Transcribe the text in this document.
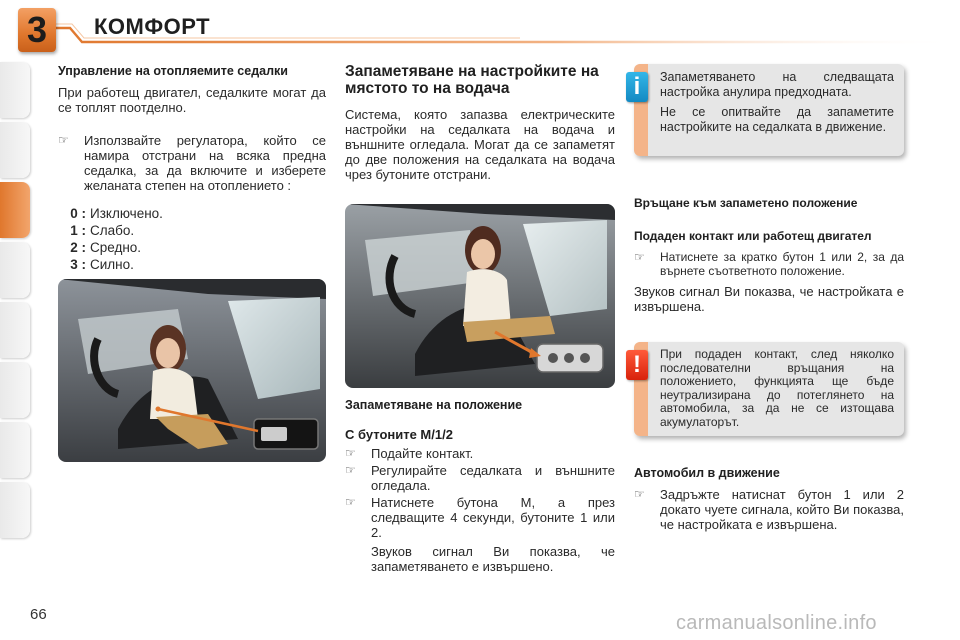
3	КОМФОРТ
Управление на отопляемите седалки
При работещ двигател, седалките могат да се топлят поотделно.
☞	Използвайте регулатора, който се намира отстрани на всяка предна седалка, за да включите и изберете желаната степен на отоплението :
0 : Изключено.
1 : Слабо.
2 : Средно.
3 : Силно.
Запаметяване на настройките на мястото то на водача
Система, която запазва електрическите настройки на седалката на водача и външните огледала. Могат да се запаметят до две положения на седалката на водача чрез бутоните отстрани.
Запаметяване на положение
С бутоните M/1/2
☞	Подайте контакт.
☞	Регулирайте седалката и външните огледала.
☞	Натиснете бутона M, а през следващите 4 секунди, бутоните 1 или 2.
Звуков сигнал Ви показва, че запаметяването е извършено.
i	Запаметяването на следващата настройка анулира предходната.
Не се опитвайте да запаметите настройките на седалката в движение.
Връщане към запаметено положение
Подаден контакт или работещ двигател
☞	Натиснете за кратко бутон 1 или 2, за да върнете съответното положение.
Звуков сигнал Ви показва, че настройката е извършена.
!	При подаден контакт, след няколко последователни връщания на положението, функцията ще бъде неутрализирана до потеглянето на автомобила, за да не се изтощава акумулаторът.
Автомобил в движение
☞	Задръжте натиснат бутон 1 или 2 докато чуете сигнала, който Ви показва, че настройката е извършена.
66	carmanualsonline.info
